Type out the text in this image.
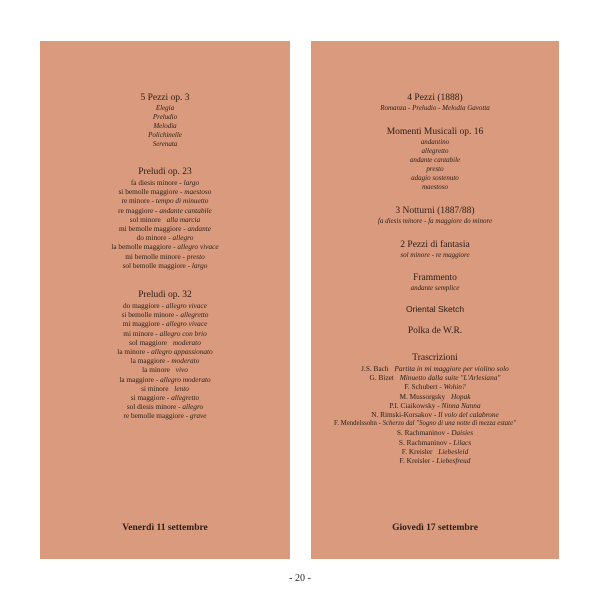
5 Pezzi op. 3
Elegia
Preludio
Melodia
Polichinelle
Serenata
Preludi op. 23
fa diesis minore - largo
si bemolle maggiore - maestoso
re minore - tempo di minuetto
re maggiore - andante cantabile
sol minore alla marcia
mi bemolle maggiore - andante
do minore - allegro
la bemolle maggiore - allegro vivace
mi bemolle minore - presto
sol bemolle maggiore - largo
Preludi op. 32
do maggiore - allegro vivace
si bemolle minore - allegretto
mi maggiore - allegro vivace
mi minore - allegro con brio
sol maggiore moderato
la minore - allegro appassionato
la maggiore - moderato
la minore vivo
la maggiore - allegro moderato
si minore lento
si maggiore - allegretto
sol diesis minore - allegro
re bemolle maggiore - grave
Venerdì 11 settembre
4 Pezzi (1888)
Romanza - Preludio - Melodia Gavotta
Momenti Musicali op. 16
andantino
allegretto
andante cantabile
presto
adagio sostenuto
maestoso
3 Notturni (1887/88)
fa diesis minore - fa maggiore do minore
2 Pezzi di fantasia
sol minore - re maggiore
Frammento
andante semplice
Oriental Sketch
Polka de W.R.
Trascrizioni
J.S. Bach Partita in mi maggiore per violino solo
G. Bizet Minuetto dalla suite "L'Arlesiana"
F. Schubert - Wohin?
M. Mussorgsky Hopak
P.I. Ciaikowsky - Ninna Nanna
N. Rimski-Korsakov - Il volo del calabrone
F. Mendelssohn - Scherzo dal "Sogno di una notte di mezza estate"
S. Rachmaninov - Daisies
S. Rachmaninov - Lilacs
F. Kreisler Liebesleid
F. Kreisler - Liebesfreud
Giovedì 17 settembre
- 20 -
